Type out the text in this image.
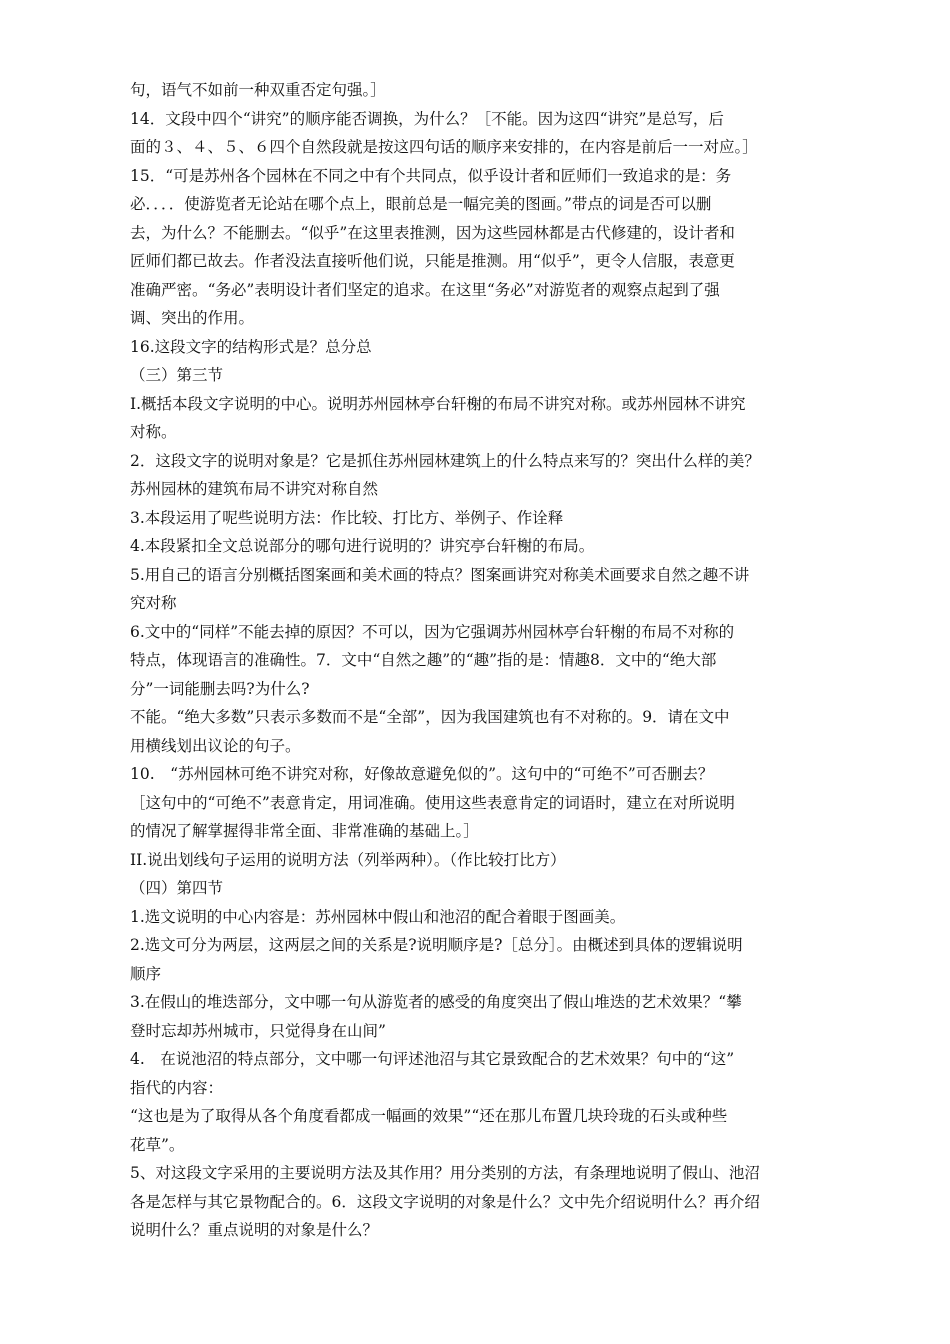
句，语气不如前一种双重否定句强。］
14．文段中四个“讲究”的顺序能否调换，为什么？［不能。因为这四“讲究”是总写，后
面的３、４、５、６四个自然段就是按这四句话的顺序来安排的，在内容是前后一一对应。］
15．“可是苏州各个园林在不同之中有个共同点，似乎设计者和匠师们一致追求的是：务
必．．．．使游览者无论站在哪个点上，眼前总是一幅完美的图画。”带点的词是否可以删
去，为什么？不能删去。“似乎”在这里表推测，因为这些园林都是古代修建的，设计者和
匠师们都已故去。作者没法直接听他们说，只能是推测。用“似乎”，更令人信服，表意更
准确严密。“务必”表明设计者们坚定的追求。在这里“务必”对游览者的观察点起到了强
调、突出的作用。
16.这段文字的结构形式是？总分总
（三）第三节
I.概括本段文字说明的中心。说明苏州园林亭台轩榭的布局不讲究对称。或苏州园林不讲究
对称。
2．这段文字的说明对象是？它是抓住苏州园林建筑上的什么特点来写的？突出什么样的美？
苏州园林的建筑布局不讲究对称自然
3.本段运用了呢些说明方法：作比较、打比方、举例子、作诠释
4.本段紧扣全文总说部分的哪句进行说明的？讲究亭台轩榭的布局。
5.用自己的语言分别概括图案画和美术画的特点？图案画讲究对称美术画要求自然之趣不讲
究对称
6.文中的“同样”不能去掉的原因？不可以，因为它强调苏州园林亭台轩榭的布局不对称的
特点，体现语言的准确性。7．文中“自然之趣”的“趣”指的是：情趣8．文中的“绝大部
分”一词能删去吗?为什么?
不能。“绝大多数”只表示多数而不是“全部”，因为我国建筑也有不对称的。9．请在文中
用横线划出议论的句子。
10.　“苏州园林可绝不讲究对称，好像故意避免似的”。这句中的“可绝不”可否删去？
［这句中的“可绝不”表意肯定，用词准确。使用这些表意肯定的词语时，建立在对所说明
的情况了解掌握得非常全面、非常准确的基础上。］
II.说出划线句子运用的说明方法（列举两种）。（作比较打比方）
（四）第四节
1.选文说明的中心内容是：苏州园林中假山和池沼的配合着眼于图画美。
2.选文可分为两层，这两层之间的关系是?说明顺序是?［总分］。由概述到具体的逻辑说明
顺序
3.在假山的堆迭部分，文中哪一句从游览者的感受的角度突出了假山堆迭的艺术效果？“攀
登时忘却苏州城市，只觉得身在山间”
4.　在说池沼的特点部分，文中哪一句评述池沼与其它景致配合的艺术效果？句中的“这”
指代的内容：
“这也是为了取得从各个角度看都成一幅画的效果”“还在那儿布置几块玲珑的石头或种些
花草”。
5、对这段文字采用的主要说明方法及其作用？用分类别的方法，有条理地说明了假山、池沼
各是怎样与其它景物配合的。6．这段文字说明的对象是什么？文中先介绍说明什么？再介绍
说明什么？重点说明的对象是什么？
